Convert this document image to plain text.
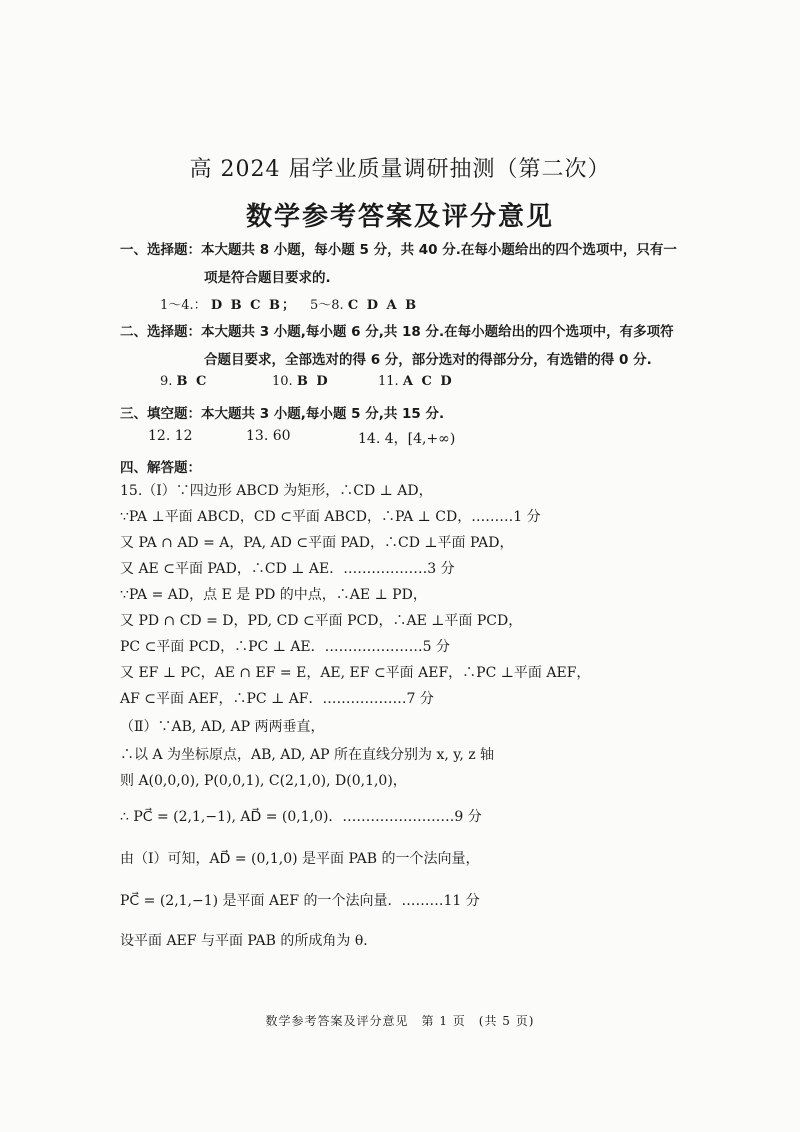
高 2024 届学业质量调研抽测（第二次）
数学参考答案及评分意见
一、选择题：本大题共 8 小题，每小题 5 分，共 40 分.在每小题给出的四个选项中，只有一
项是符合题目要求的.
1～4.： D B C B； 5～8. C D A B
二、选择题：本大题共 3 小题,每小题 6 分,共 18 分.在每小题给出的四个选项中，有多项符
合题目要求，全部选对的得 6 分，部分选对的得部分分，有选错的得 0 分.
9. B C	10. B D	11. A C D
三、填空题：本大题共 3 小题,每小题 5 分,共 15 分.
12. 12	13. 60	14. 4，[4,+∞)
四、解答题：
15.（Ⅰ）∵四边形 ABCD 为矩形，∴CD ⊥ AD，
∵PA ⊥平面 ABCD，CD ⊂平面 ABCD，∴PA ⊥ CD，………1 分
又 PA ∩ AD = A，PA, AD ⊂平面 PAD，∴CD ⊥平面 PAD，
又 AE ⊂平面 PAD，∴CD ⊥ AE．………………3 分
∵PA = AD，点 E 是 PD 的中点，∴AE ⊥ PD，
又 PD ∩ CD = D，PD, CD ⊂平面 PCD，∴AE ⊥平面 PCD，
PC ⊂平面 PCD，∴PC ⊥ AE．…………………5 分
又 EF ⊥ PC，AE ∩ EF = E，AE, EF ⊂平面 AEF，∴PC ⊥平面 AEF，
AF ⊂平面 AEF，∴PC ⊥ AF．………………7 分
（Ⅱ）∵AB, AD, AP 两两垂直，
∴以 A 为坐标原点，AB, AD, AP 所在直线分别为 x, y, z 轴
则 A(0,0,0), P(0,0,1), C(2,1,0), D(0,1,0)，
∴ PC⃗ = (2,1,−1), AD⃗ = (0,1,0)．……………………9 分
由（Ⅰ）可知，AD⃗ = (0,1,0) 是平面 PAB 的一个法向量，
PC⃗ = (2,1,−1) 是平面 AEF 的一个法向量．………11 分
设平面 AEF 与平面 PAB 的所成角为 θ．
数学参考答案及评分意见　第 1 页　(共 5 页)
